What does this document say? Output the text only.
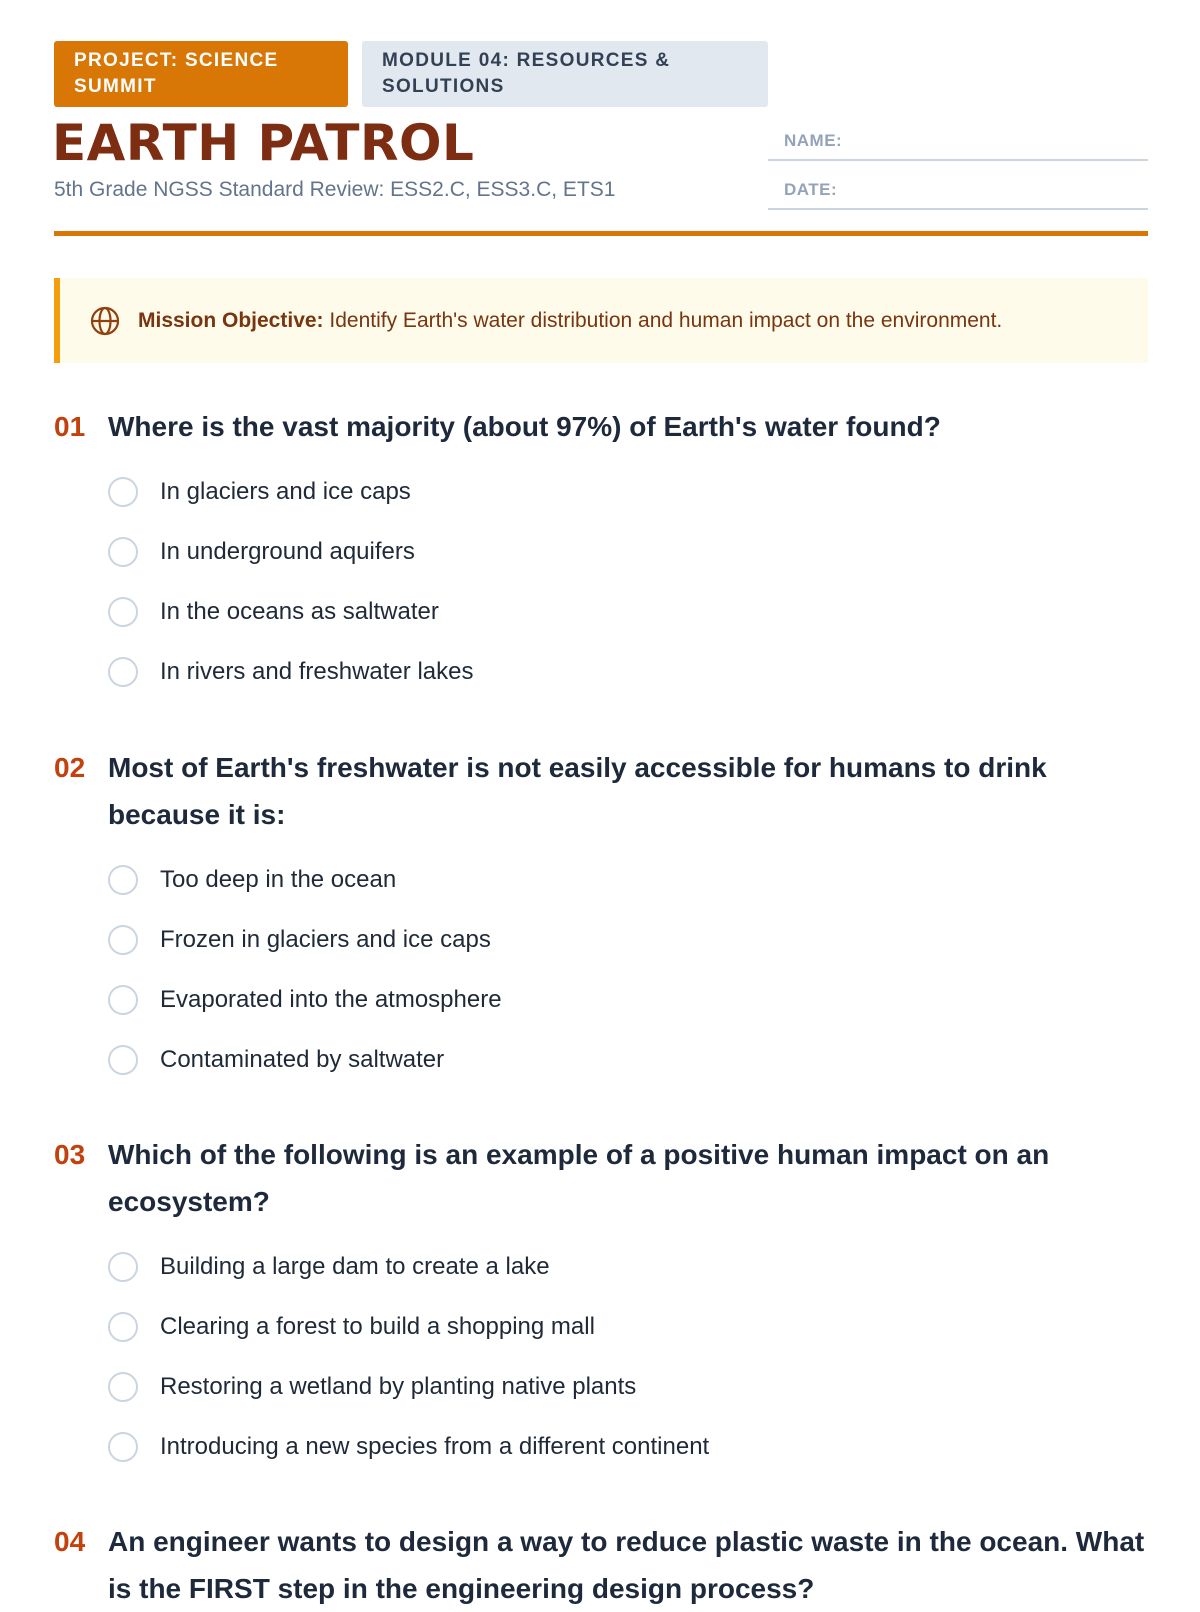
PROJECT: SCIENCE SUMMIT
MODULE 04: RESOURCES & SOLUTIONS
EARTH PATROL
5th Grade NGSS Standard Review: ESS2.C, ESS3.C, ETS1
NAME:
DATE:
Mission Objective: Identify Earth's water distribution and human impact on the environment.
01 Where is the vast majority (about 97%) of Earth's water found?
In glaciers and ice caps
In underground aquifers
In the oceans as saltwater
In rivers and freshwater lakes
02 Most of Earth's freshwater is not easily accessible for humans to drink because it is:
Too deep in the ocean
Frozen in glaciers and ice caps
Evaporated into the atmosphere
Contaminated by saltwater
03 Which of the following is an example of a positive human impact on an ecosystem?
Building a large dam to create a lake
Clearing a forest to build a shopping mall
Restoring a wetland by planting native plants
Introducing a new species from a different continent
04 An engineer wants to design a way to reduce plastic waste in the ocean. What is the FIRST step in the engineering design process?
